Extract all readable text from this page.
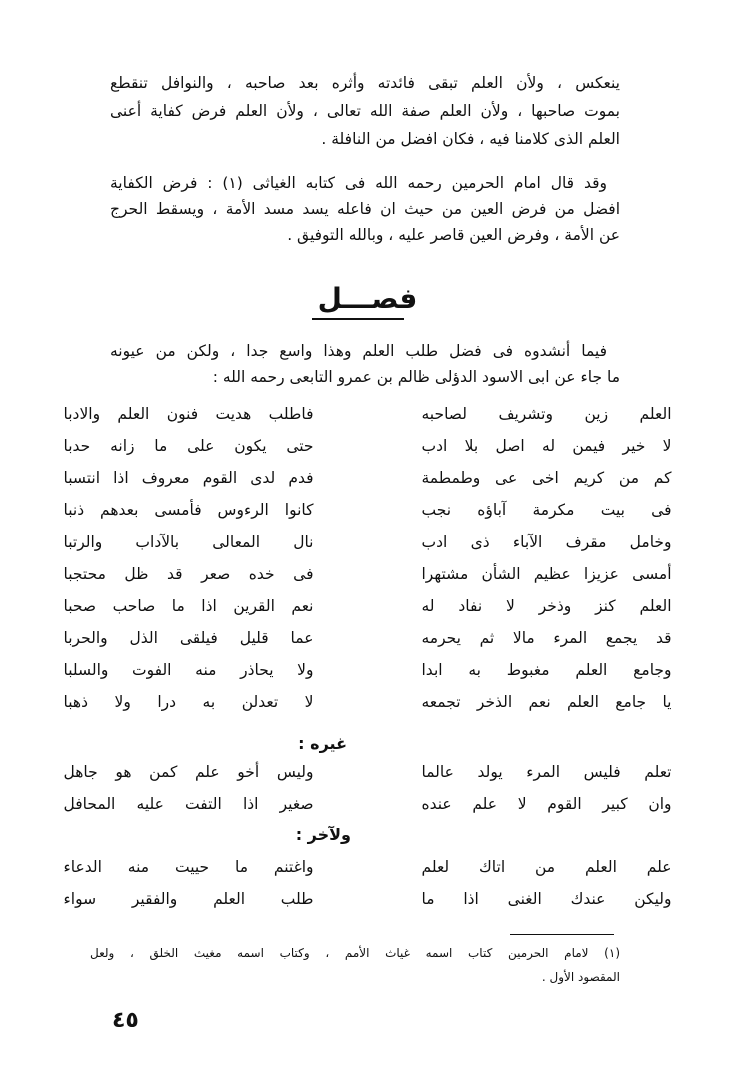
ينعكس ، ولأن العلم تبقى فائدته وأثره بعد صاحبه ، والنوافل تنقطع
بموت صاحبها ، ولأن العلم صفة الله تعالى ، ولأن العلم فرض كفاية أعنى
العلم الذى كلامنا فيه ، فكان افضل من النافلة .
وقد قال امام الحرمين رحمه الله فى كتابه الغياثى (١) : فرض الكفاية
افضل من فرض العين من حيث ان فاعله يسد مسد الأمة ، ويسقط الحرج
عن الأمة ، وفرض العين قاصر عليه ، وبالله التوفيق .
فصـــل
فيما أنشدوه فى فضل طلب العلم وهذا واسع جدا ، ولكن من عيونه
ما جاء عن ابى الاسود الدؤلى ظالم بن عمرو التابعى رحمه الله :
العلم زين وتشريف لصاحبه
فاطلب هديت فنون العلم والادبا
لا خير فيمن له اصل بلا ادب
حتى يكون على ما زانه حدبا
كم من كريم اخى عى وطمطمة
فدم لدى القوم معروف اذا انتسبا
فى بيت مكرمة آباؤه نجب
كانوا الرءوس فأمسى بعدهم ذنبا
وخامل مقرف الآباء ذى ادب
نال المعالى بالآداب والرتبا
أمسى عزيزا عظيم الشأن مشتهرا
فى خده صعر قد ظل محتجبا
العلم كنز وذخر لا نفاد له
نعم القرين اذا ما صاحب صحبا
قد يجمع المرء مالا ثم يحرمه
عما قليل فيلقى الذل والحربا
وجامع العلم مغبوط به ابدا
ولا يحاذر منه الفوت والسلبا
يا جامع العلم نعم الذخر تجمعه
لا تعدلن به درا ولا ذهبا
غيره :
تعلم فليس المرء يولد عالما
وليس أخو علم كمن هو جاهل
وان كبير القوم لا علم عنده
صغير اذا التفت عليه المحافل
ولآخر :
علم العلم من اتاك لعلم
واغتنم ما حييت منه الدعاء
وليكن عندك الغنى اذا ما
طلب العلم والفقير سواء
(١) لامام الحرمين كتاب اسمه غياث الأمم ، وكتاب اسمه مغيث الخلق ، ولعل
المقصود الأول .
٤٥
